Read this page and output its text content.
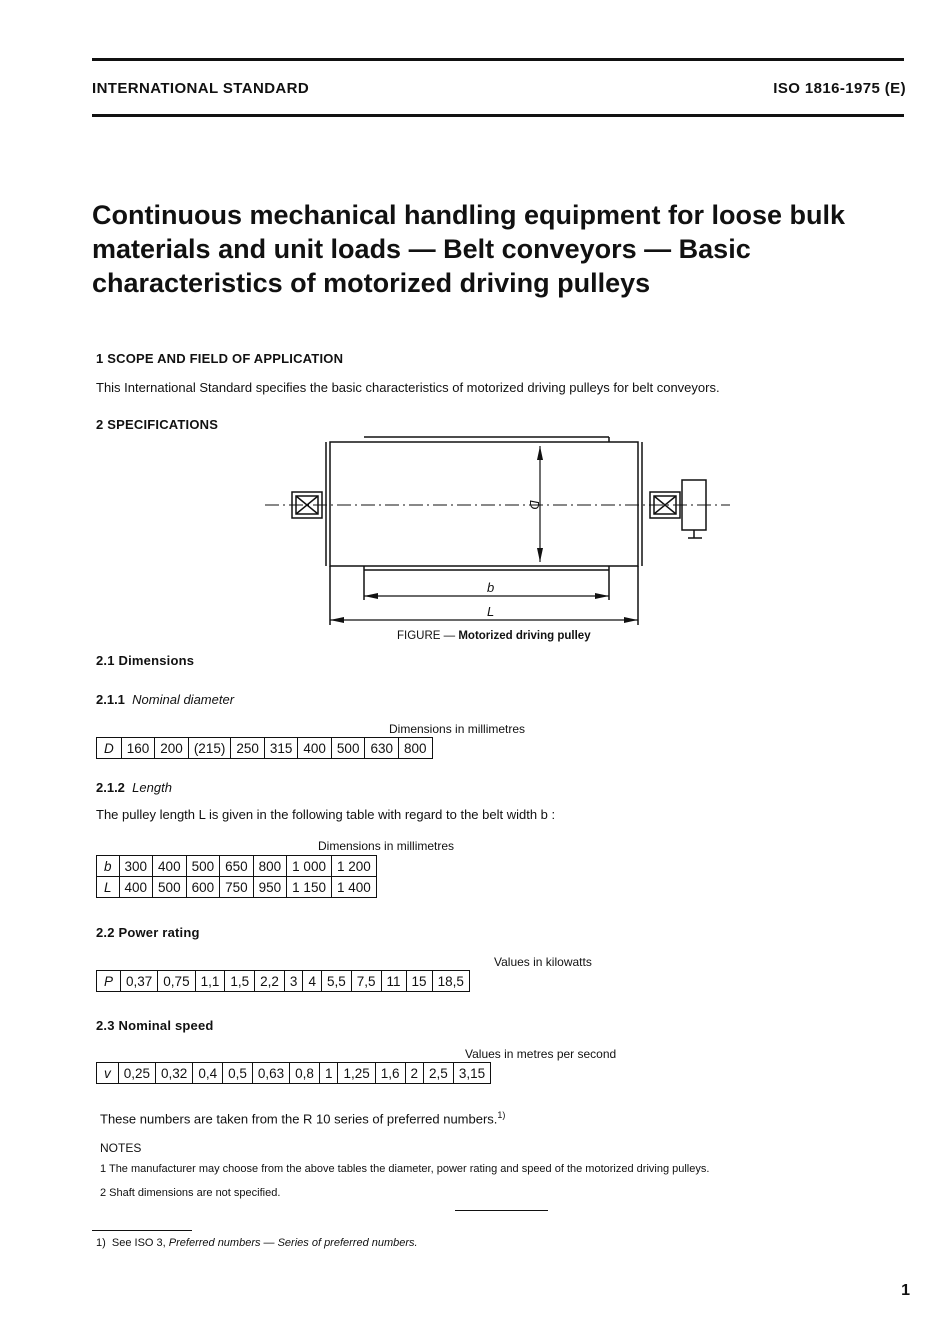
INTERNATIONAL STANDARD	ISO 1816-1975 (E)
Continuous mechanical handling equipment for loose bulk materials and unit loads — Belt conveyors — Basic characteristics of motorized driving pulleys
1 SCOPE AND FIELD OF APPLICATION
This International Standard specifies the basic characteristics of motorized driving pulleys for belt conveyors.
2 SPECIFICATIONS
D
b
L
FIGURE — Motorized driving pulley
2.1 Dimensions
2.1.1 Nominal diameter
Dimensions in millimetres
D	160	200	(215)	250	315	400	500	630	800
2.1.2 Length
The pulley length L is given in the following table with regard to the belt width b :
Dimensions in millimetres
b	300	400	500	650	800	1 000	1 200
L	400	500	600	750	950	1 150	1 400
2.2 Power rating
Values in kilowatts
P	0,37	0,75	1,1	1,5	2,2	3	4	5,5	7,5	11	15	18,5
2.3 Nominal speed
Values in metres per second
v	0,25	0,32	0,4	0,5	0,63	0,8	1	1,25	1,6	2	2,5	3,15
These numbers are taken from the R 10 series of preferred numbers.$^{1)}$
NOTES
1 The manufacturer may choose from the above tables the diameter, power rating and speed of the motorized driving pulleys.
2 Shaft dimensions are not specified.
1) See ISO 3, Preferred numbers — Series of preferred numbers.
1
